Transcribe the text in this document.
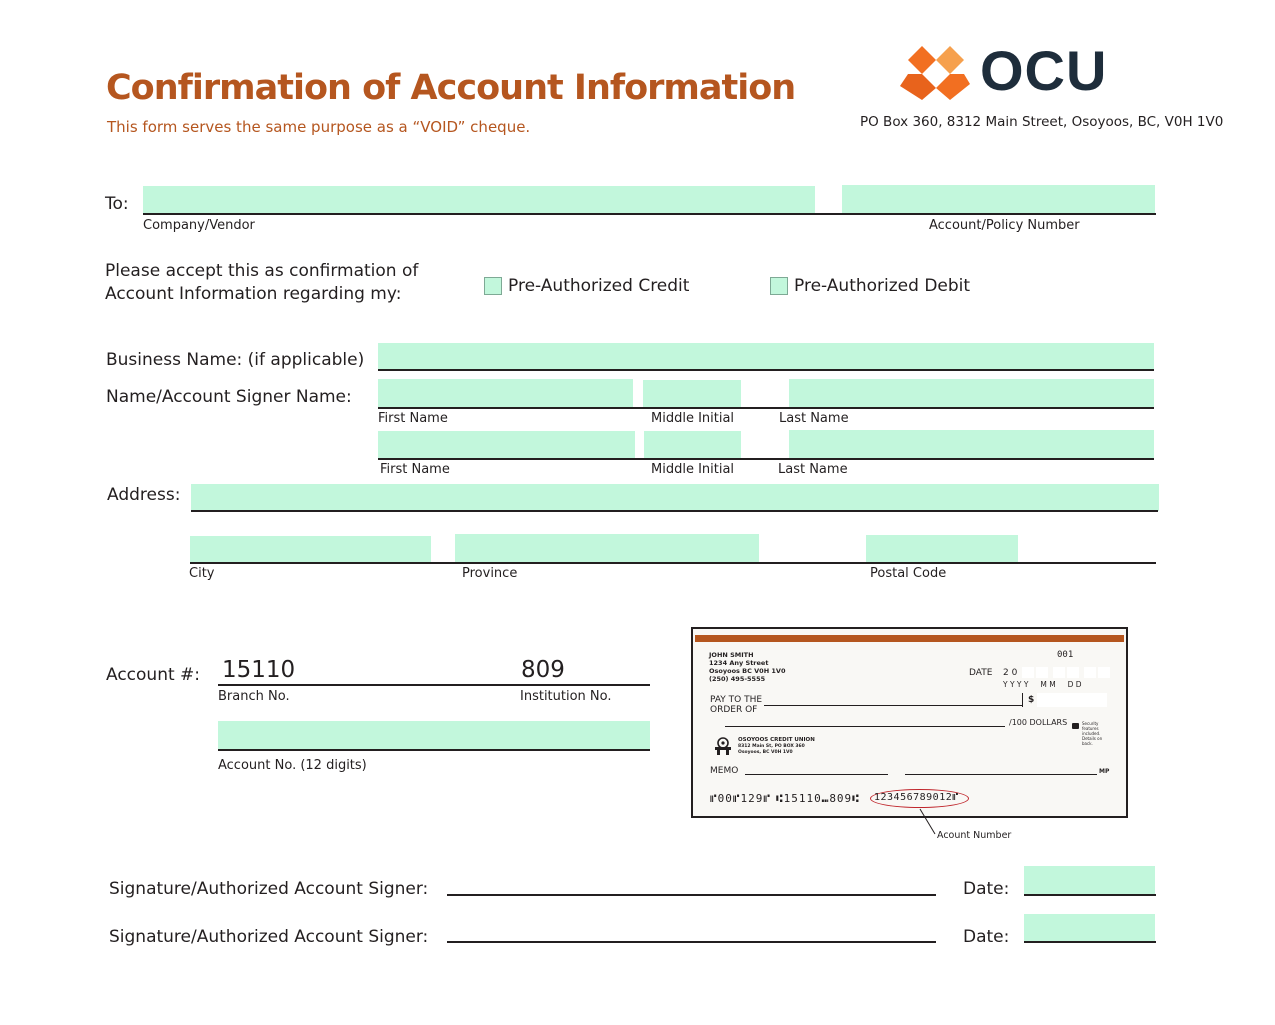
Confirmation of Account Information
This form serves the same purpose as a “VOID” cheque.
OCU
PO Box 360, 8312 Main Street, Osoyoos, BC, V0H 1V0
To:
Company/Vendor	Account/Policy Number
Please accept this as confirmation of
Account Information regarding my:	Pre-Authorized Credit	Pre-Authorized Debit
Business Name: (if applicable)
Name/Account Signer Name:
First Name	Middle Initial	Last Name
First Name	Middle Initial	Last Name
Address:
City	Province	Postal Code
Account #: 15110	809
Branch No.	Institution No.
Account No. (12 digits)
JOHN SMITH
1234 Any Street
Osoyoos BC V0H 1V0
(250) 495-5555
001
DATE 2 0
Y Y Y Y     M M     D D
PAY TO THE
ORDER OF
$
/100 DOLLARS	Security features included. Details on back.
OSOYOOS CREDIT UNION
8312 Main St, PO BOX 360
Osoyoos, BC V0H 1V0
MEMO	MP
⑈00⑈129⑈ ⑆15110⑉809⑆ 123456789012⑈
Acount Number
Signature/Authorized Account Signer:	Date:
Signature/Authorized Account Signer:	Date:
